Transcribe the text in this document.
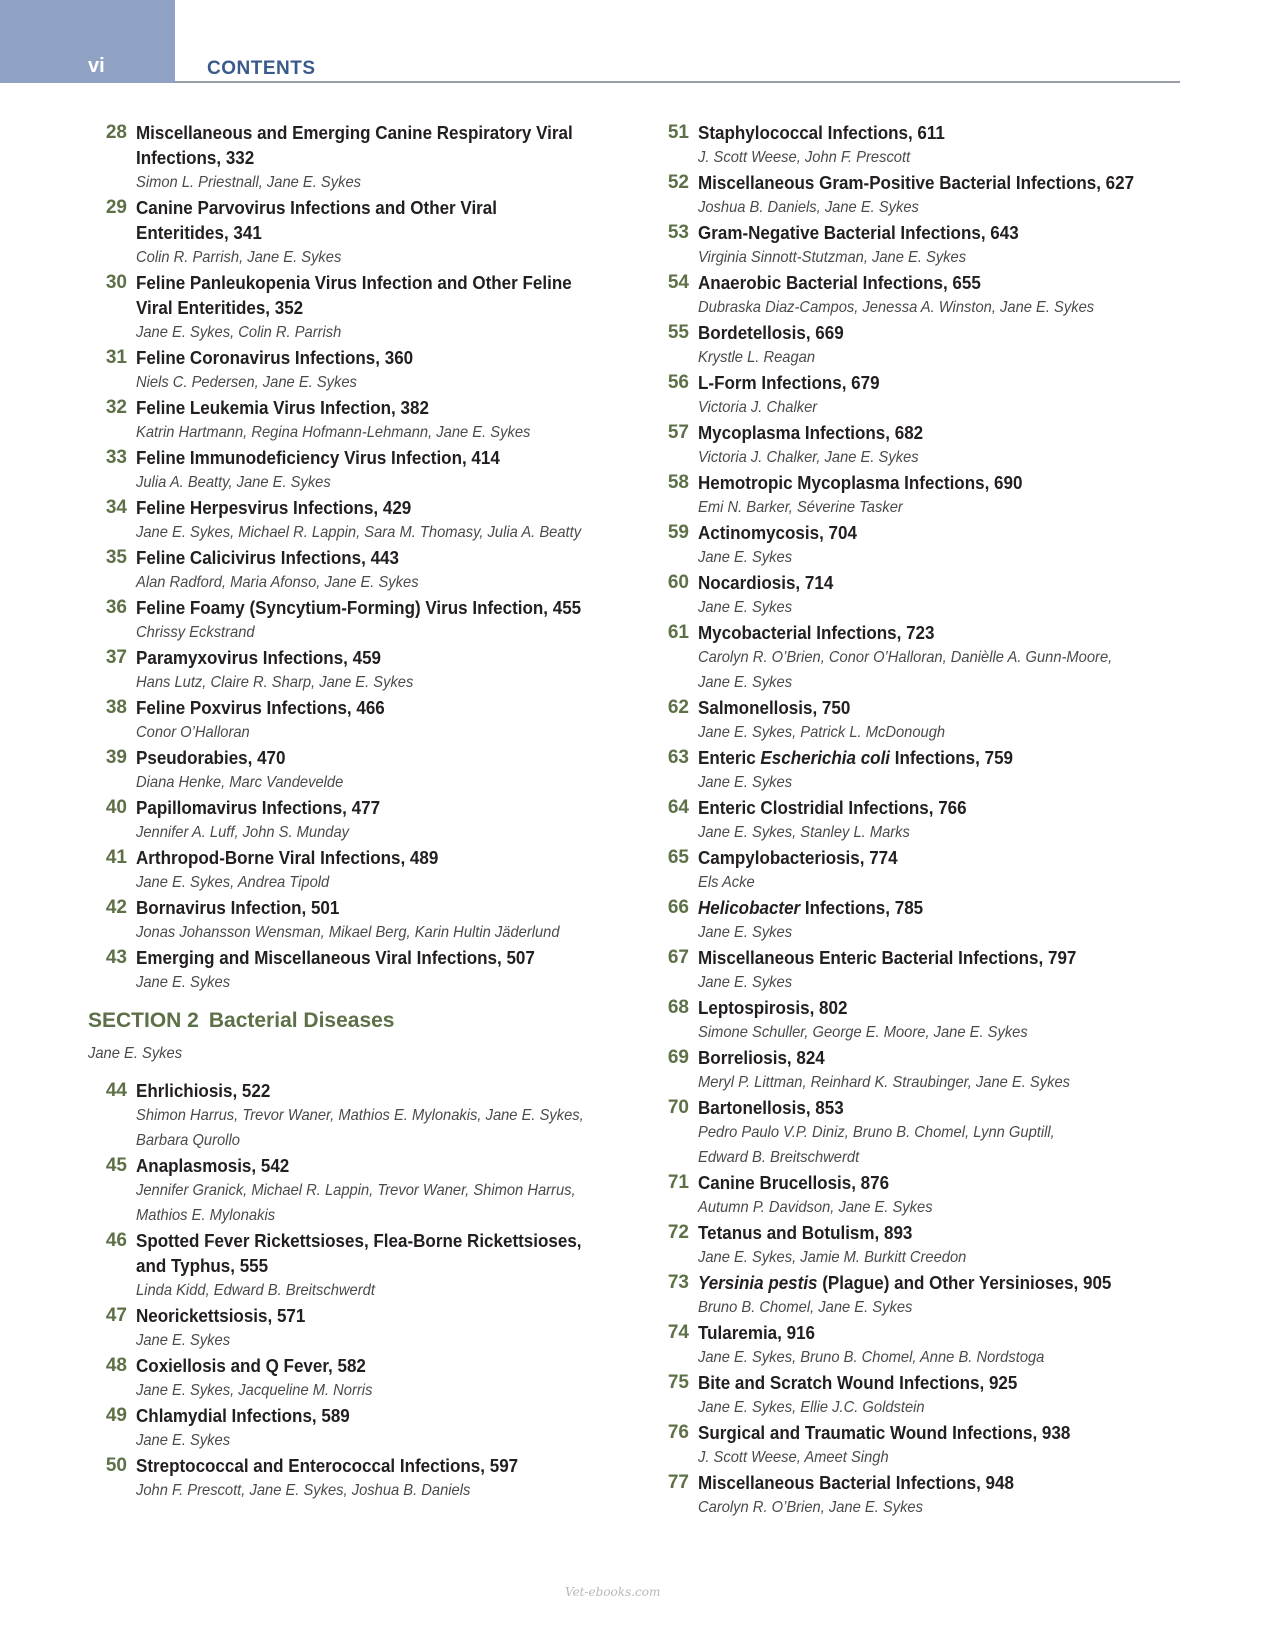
vi	CONTENTS
28 Miscellaneous and Emerging Canine Respiratory Viral
Infections, 332
Simon L. Priestnall, Jane E. Sykes
29 Canine Parvovirus Infections and Other Viral
Enteritides, 341
Colin R. Parrish, Jane E. Sykes
30 Feline Panleukopenia Virus Infection and Other Feline
Viral Enteritides, 352
Jane E. Sykes, Colin R. Parrish
31 Feline Coronavirus Infections, 360
Niels C. Pedersen, Jane E. Sykes
32 Feline Leukemia Virus Infection, 382
Katrin Hartmann, Regina Hofmann-Lehmann, Jane E. Sykes
33 Feline Immunodeficiency Virus Infection, 414
Julia A. Beatty, Jane E. Sykes
34 Feline Herpesvirus Infections, 429
Jane E. Sykes, Michael R. Lappin, Sara M. Thomasy, Julia A. Beatty
35 Feline Calicivirus Infections, 443
Alan Radford, Maria Afonso, Jane E. Sykes
36 Feline Foamy (Syncytium-Forming) Virus Infection, 455
Chrissy Eckstrand
37 Paramyxovirus Infections, 459
Hans Lutz, Claire R. Sharp, Jane E. Sykes
38 Feline Poxvirus Infections, 466
Conor O’Halloran
39 Pseudorabies, 470
Diana Henke, Marc Vandevelde
40 Papillomavirus Infections, 477
Jennifer A. Luff, John S. Munday
41 Arthropod-Borne Viral Infections, 489
Jane E. Sykes, Andrea Tipold
42 Bornavirus Infection, 501
Jonas Johansson Wensman, Mikael Berg, Karin Hultin Jäderlund
43 Emerging and Miscellaneous Viral Infections, 507
Jane E. Sykes
SECTION 2 Bacterial Diseases
Jane E. Sykes
44 Ehrlichiosis, 522
Shimon Harrus, Trevor Waner, Mathios E. Mylonakis, Jane E. Sykes,
Barbara Qurollo
45 Anaplasmosis, 542
Jennifer Granick, Michael R. Lappin, Trevor Waner, Shimon Harrus,
Mathios E. Mylonakis
46 Spotted Fever Rickettsioses, Flea-Borne Rickettsioses,
and Typhus, 555
Linda Kidd, Edward B. Breitschwerdt
47 Neorickettsiosis, 571
Jane E. Sykes
48 Coxiellosis and Q Fever, 582
Jane E. Sykes, Jacqueline M. Norris
49 Chlamydial Infections, 589
Jane E. Sykes
50 Streptococcal and Enterococcal Infections, 597
John F. Prescott, Jane E. Sykes, Joshua B. Daniels
51 Staphylococcal Infections, 611
J. Scott Weese, John F. Prescott
52 Miscellaneous Gram-Positive Bacterial Infections, 627
Joshua B. Daniels, Jane E. Sykes
53 Gram-Negative Bacterial Infections, 643
Virginia Sinnott-Stutzman, Jane E. Sykes
54 Anaerobic Bacterial Infections, 655
Dubraska Diaz-Campos, Jenessa A. Winston, Jane E. Sykes
55 Bordetellosis, 669
Krystle L. Reagan
56 L-Form Infections, 679
Victoria J. Chalker
57 Mycoplasma Infections, 682
Victoria J. Chalker, Jane E. Sykes
58 Hemotropic Mycoplasma Infections, 690
Emi N. Barker, Séverine Tasker
59 Actinomycosis, 704
Jane E. Sykes
60 Nocardiosis, 714
Jane E. Sykes
61 Mycobacterial Infections, 723
Carolyn R. O’Brien, Conor O’Halloran, Danièlle A. Gunn-Moore,
Jane E. Sykes
62 Salmonellosis, 750
Jane E. Sykes, Patrick L. McDonough
63 Enteric Escherichia coli Infections, 759
Jane E. Sykes
64 Enteric Clostridial Infections, 766
Jane E. Sykes, Stanley L. Marks
65 Campylobacteriosis, 774
Els Acke
66 Helicobacter Infections, 785
Jane E. Sykes
67 Miscellaneous Enteric Bacterial Infections, 797
Jane E. Sykes
68 Leptospirosis, 802
Simone Schuller, George E. Moore, Jane E. Sykes
69 Borreliosis, 824
Meryl P. Littman, Reinhard K. Straubinger, Jane E. Sykes
70 Bartonellosis, 853
Pedro Paulo V.P. Diniz, Bruno B. Chomel, Lynn Guptill,
Edward B. Breitschwerdt
71 Canine Brucellosis, 876
Autumn P. Davidson, Jane E. Sykes
72 Tetanus and Botulism, 893
Jane E. Sykes, Jamie M. Burkitt Creedon
73 Yersinia pestis (Plague) and Other Yersinioses, 905
Bruno B. Chomel, Jane E. Sykes
74 Tularemia, 916
Jane E. Sykes, Bruno B. Chomel, Anne B. Nordstoga
75 Bite and Scratch Wound Infections, 925
Jane E. Sykes, Ellie J.C. Goldstein
76 Surgical and Traumatic Wound Infections, 938
J. Scott Weese, Ameet Singh
77 Miscellaneous Bacterial Infections, 948
Carolyn R. O’Brien, Jane E. Sykes
Vet-ebooks.com
